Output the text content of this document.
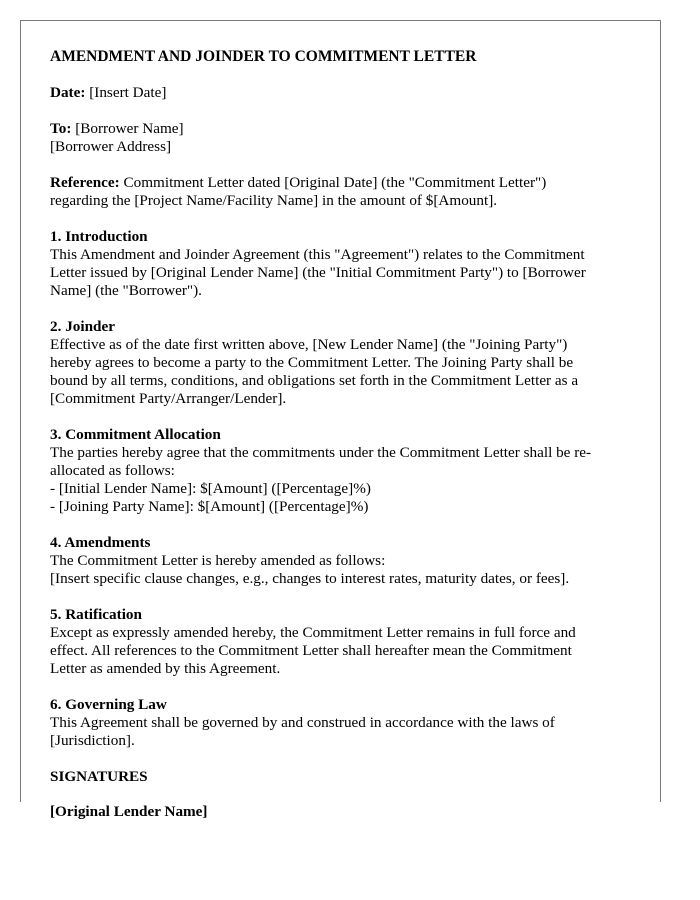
AMENDMENT AND JOINDER TO COMMITMENT LETTER
Date: [Insert Date]
To: [Borrower Name]
[Borrower Address]
Reference: Commitment Letter dated [Original Date] (the "Commitment Letter")
regarding the [Project Name/Facility Name] in the amount of $[Amount].
1. Introduction
This Amendment and Joinder Agreement (this "Agreement") relates to the Commitment
Letter issued by [Original Lender Name] (the "Initial Commitment Party") to [Borrower
Name] (the "Borrower").
2. Joinder
Effective as of the date first written above, [New Lender Name] (the "Joining Party")
hereby agrees to become a party to the Commitment Letter. The Joining Party shall be
bound by all terms, conditions, and obligations set forth in the Commitment Letter as a
[Commitment Party/Arranger/Lender].
3. Commitment Allocation
The parties hereby agree that the commitments under the Commitment Letter shall be re-
allocated as follows:
- [Initial Lender Name]: $[Amount] ([Percentage]%)
- [Joining Party Name]: $[Amount] ([Percentage]%)
4. Amendments
The Commitment Letter is hereby amended as follows:
[Insert specific clause changes, e.g., changes to interest rates, maturity dates, or fees].
5. Ratification
Except as expressly amended hereby, the Commitment Letter remains in full force and
effect. All references to the Commitment Letter shall hereafter mean the Commitment
Letter as amended by this Agreement.
6. Governing Law
This Agreement shall be governed by and construed in accordance with the laws of
[Jurisdiction].
SIGNATURES
[Original Lender Name]
